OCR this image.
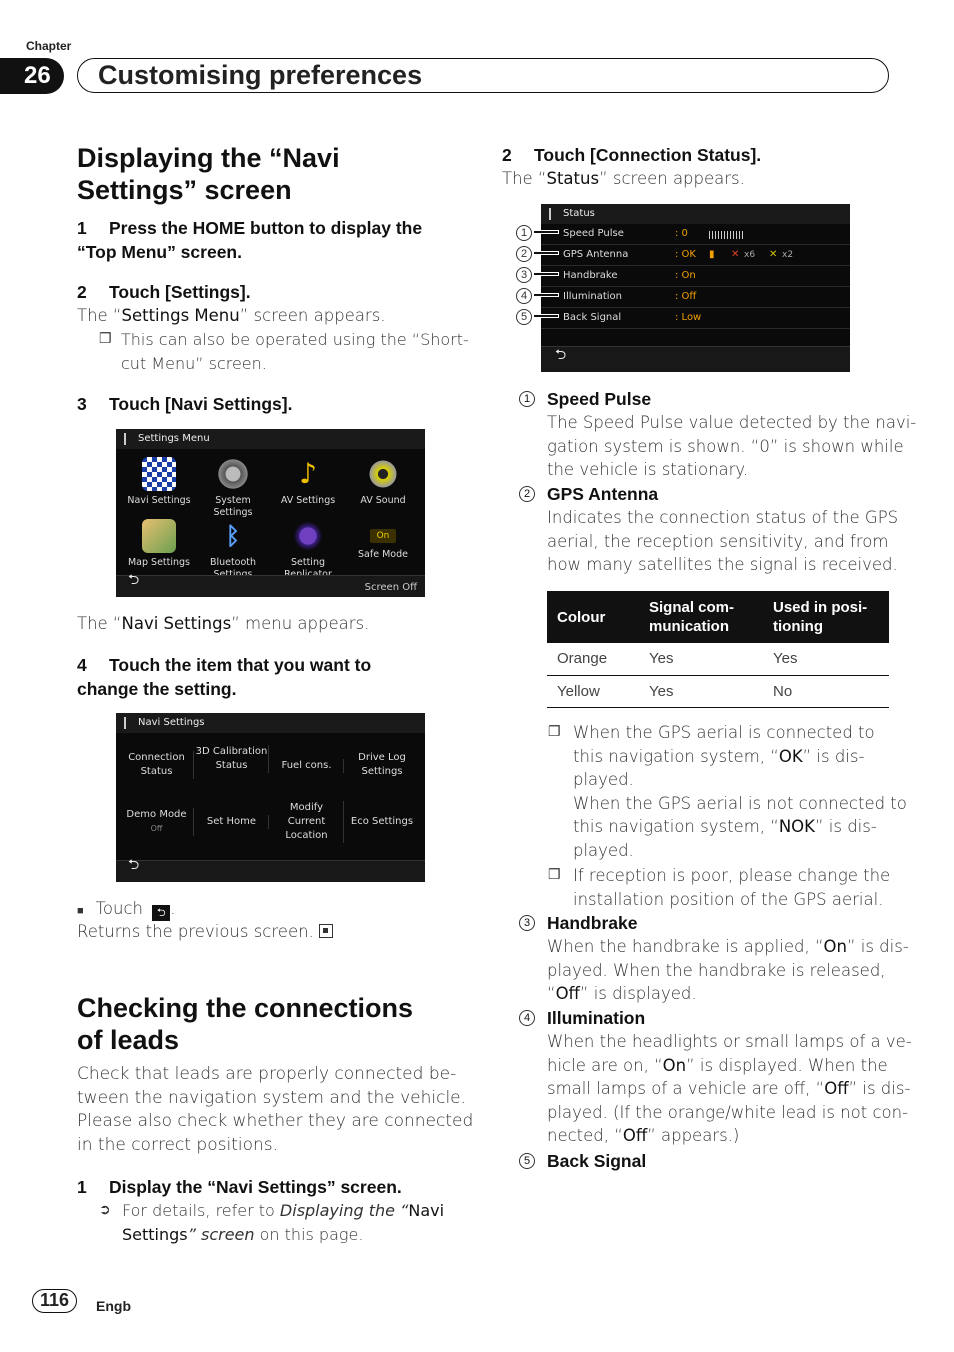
Chapter
26	Customising preferences
Displaying the “Navi
Settings” screen
1 Press the HOME button to display the
“Top Menu” screen.
2 Touch [Settings].
The “Settings Menu” screen appears.
❒ This can also be operated using the “Short-
cut Menu” screen.
3 Touch [Navi Settings].
Settings Menu
Navi Settings	System Settings
♪
AV Settings	AV Sound
Map Settings
ᛒ
Bluetooth	Setting
On
Safe Mode
⮌	Screen Off
The “Navi Settings” menu appears.
4 Touch the item that you want to
change the setting.
Navi Settings
Connection Status
3D Calibration Status	Fuel cons.
Drive Log Settings
Demo Mode
Off
Set Home
Modify Current Location
Eco Settings
⮌
■ Touch ⮌ .
Returns the previous screen.
Checking the connections
of leads
Check that leads are properly connected be-
tween the navigation system and the vehicle.
Please also check whether they are connected
in the correct positions.
1 Display the “Navi Settings” screen.
➲ For details, refer to Displaying the “Navi
Settings” screen on this page.
2 Touch [Connection Status].
The “Status” screen appears.
Status
Speed Pulse	: 0
GPS Antenna	: OK ▮ ✕ x6 ✕ x2
Handbrake	: On
Illumination	: Off
Back Signal	: Low
⮌
1
2
3
4
5
1 Speed Pulse
The Speed Pulse value detected by the navi-
gation system is shown. “0” is shown while
the vehicle is stationary.
2 GPS Antenna
Indicates the connection status of the GPS
aerial, the reception sensitivity, and from
how many satellites the signal is received.
Colour	Signal com- munication	Used in posi- tioning
Orange	Yes	Yes
Yellow	Yes	No
❒ When the GPS aerial is connected to
this navigation system, “OK” is dis-
played.
When the GPS aerial is not connected to
this navigation system, “NOK” is dis-
played.
❒ If reception is poor, please change the
installation position of the GPS aerial.
3 Handbrake
When the handbrake is applied, “On” is dis-
played. When the handbrake is released,
“Off” is displayed.
4 Illumination
When the headlights or small lamps of a ve-
hicle are on, “On” is displayed. When the
small lamps of a vehicle are off, “Off” is dis-
played. (If the orange/white lead is not con-
nected, “Off” appears.)
5 Back Signal
116	Engb
